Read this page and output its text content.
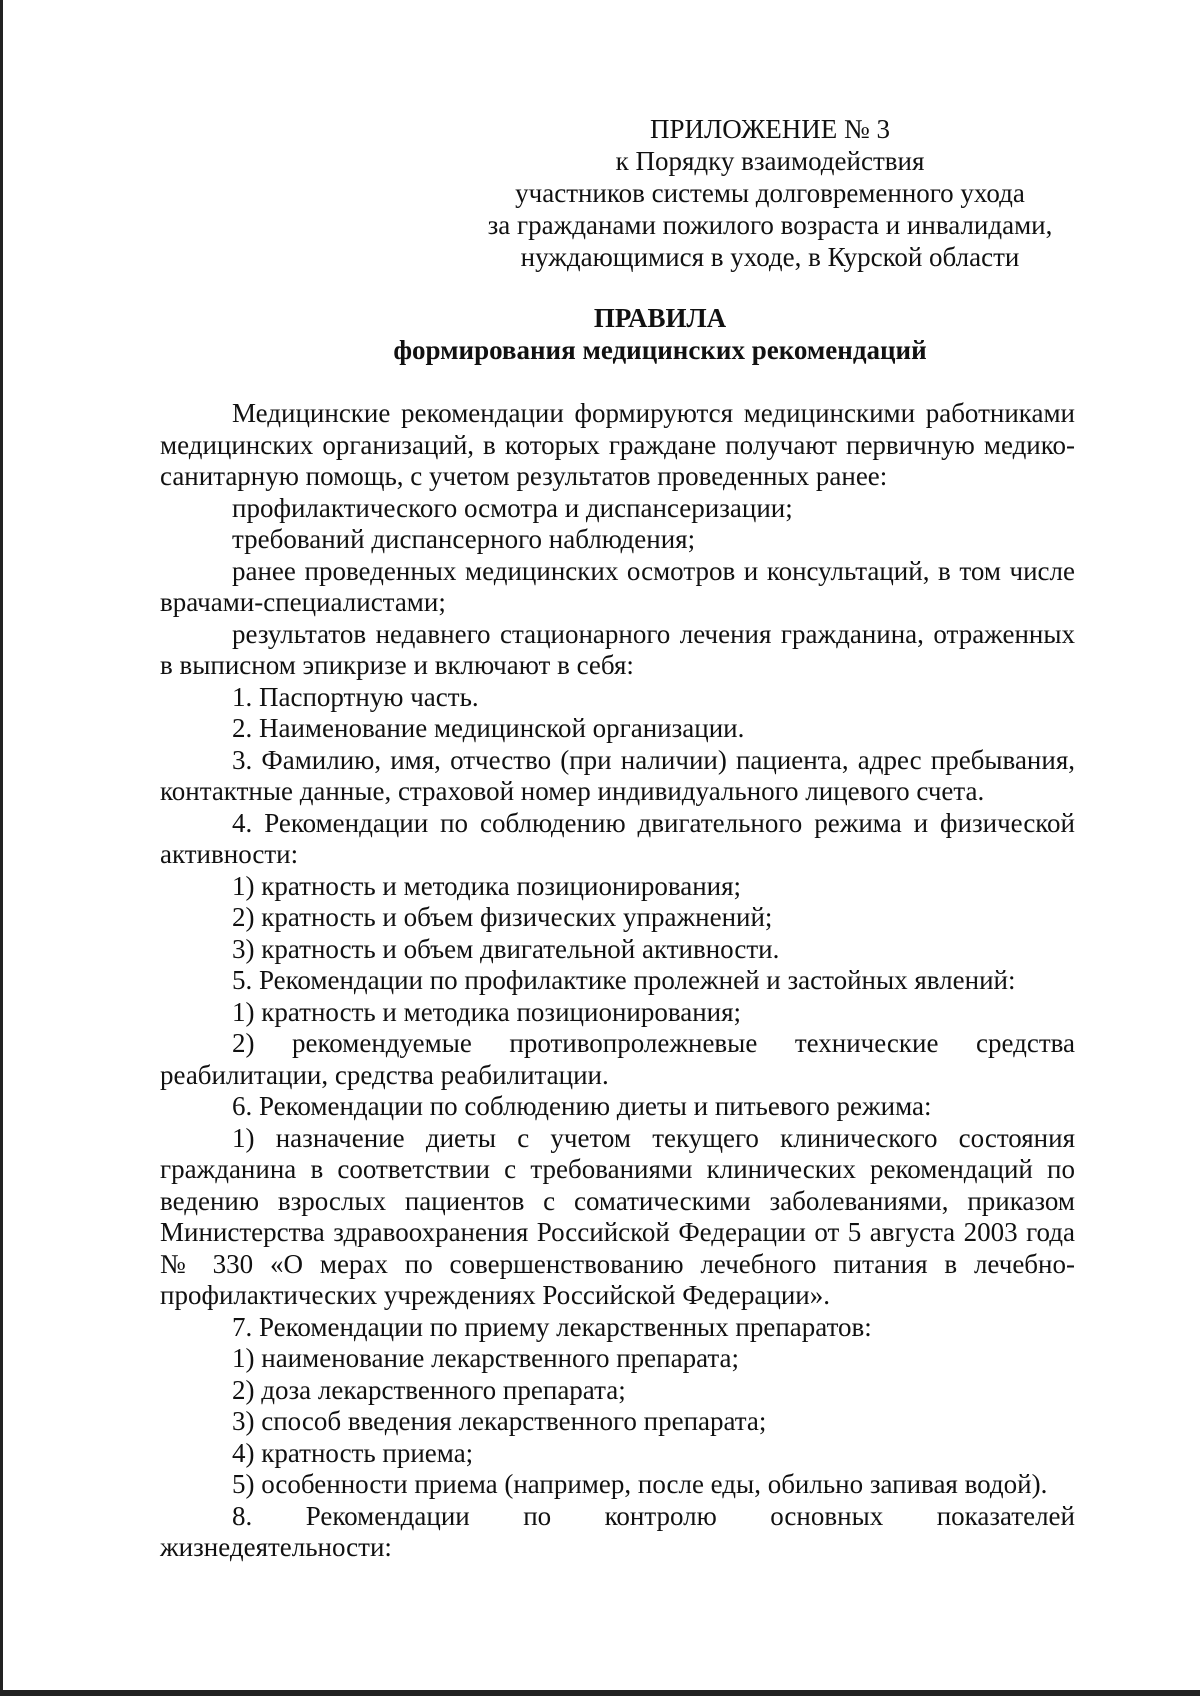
ПРИЛОЖЕНИЕ № 3
к Порядку взаимодействия
участников системы долговременного ухода
за гражданами пожилого возраста и инвалидами,
нуждающимися в уходе, в Курской области
ПРАВИЛА
формирования медицинских рекомендаций

Медицинские рекомендации формируются медицинскими работниками медицинских организаций, в которых граждане получают первичную медико-санитарную помощь, с учетом результатов проведенных ранее:

профилактического осмотра и диспансеризации;

требований диспансерного наблюдения;

ранее проведенных медицинских осмотров и консультаций, в том числе врачами-специалистами;

результатов недавнего стационарного лечения гражданина, отраженных в выписном эпикризе и включают в себя:

1. Паспортную часть.

2. Наименование медицинской организации.

3. Фамилию, имя, отчество (при наличии) пациента, адрес пребывания, контактные данные, страховой номер индивидуального лицевого счета.

4. Рекомендации по соблюдению двигательного режима и физической активности:

1) кратность и методика позиционирования;

2) кратность и объем физических упражнений;

3) кратность и объем двигательной активности.

5. Рекомендации по профилактике пролежней и застойных явлений:

1) кратность и методика позиционирования;

2) рекомендуемые противопролежневые технические средства реабилитации, средства реабилитации.

6. Рекомендации по соблюдению диеты и питьевого режима:

1) назначение диеты с учетом текущего клинического состояния гражданина в соответствии с требованиями клинических рекомендаций по ведению взрослых пациентов с соматическими заболеваниями, приказом Министерства здравоохранения Российской Федерации от 5 августа 2003 года № 330 «О мерах по совершенствованию лечебного питания в лечебно-профилактических учреждениях Российской Федерации».

7. Рекомендации по приему лекарственных препаратов:

1) наименование лекарственного препарата;

2) доза лекарственного препарата;

3) способ введения лекарственного препарата;

4) кратность приема;

5) особенности приема (например, после еды, обильно запивая водой).

8. Рекомендации по контролю основных показателей жизнедеятельности:
